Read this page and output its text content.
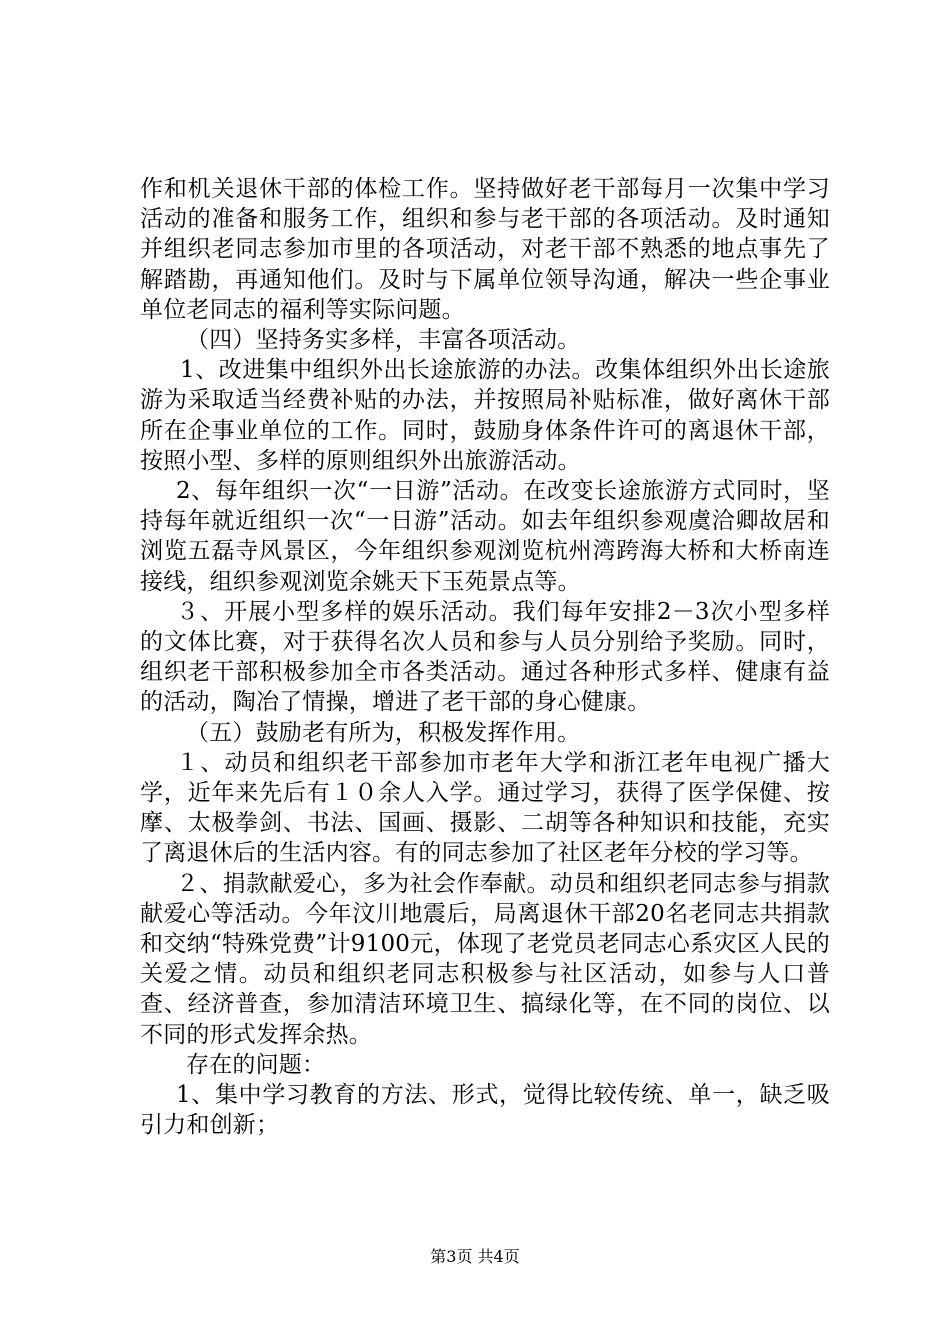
作和机关退休干部的体检工作。坚持做好老干部每月一次集中学习活动的准备和服务工作，组织和参与老干部的各项活动。及时通知并组织老同志参加市里的各项活动，对老干部不熟悉的地点事先了解踏勘，再通知他们。及时与下属单位领导沟通，解决一些企事业单位老同志的福利等实际问题。

（四）坚持务实多样，丰富各项活动。

1、改进集中组织外出长途旅游的办法。改集体组织外出长途旅游为采取适当经费补贴的办法，并按照局补贴标准，做好离休干部所在企事业单位的工作。同时，鼓励身体条件许可的离退休干部，按照小型、多样的原则组织外出旅游活动。

2、每年组织一次“一日游”活动。在改变长途旅游方式同时，坚持每年就近组织一次“一日游”活动。如去年组织参观虞洽卿故居和浏览五磊寺风景区，今年组织参观浏览杭州湾跨海大桥和大桥南连接线，组织参观浏览余姚天下玉苑景点等。

３、开展小型多样的娱乐活动。我们每年安排2－3次小型多样的文体比赛，对于获得名次人员和参与人员分别给予奖励。同时，组织老干部积极参加全市各类活动。通过各种形式多样、健康有益的活动，陶冶了情操，增进了老干部的身心健康。

（五）鼓励老有所为，积极发挥作用。

１、动员和组织老干部参加市老年大学和浙江老年电视广播大学，近年来先后有１０余人入学。通过学习，获得了医学保健、按摩、太极拳剑、书法、国画、摄影、二胡等各种知识和技能，充实了离退休后的生活内容。有的同志参加了社区老年分校的学习等。

２、捐款献爱心，多为社会作奉献。动员和组织老同志参与捐款献爱心等活动。今年汶川地震后，局离退休干部20名老同志共捐款和交纳“特殊党费”计9100元，体现了老党员老同志心系灾区人民的关爱之情。动员和组织老同志积极参与社区活动，如参与人口普查、经济普查，参加清洁环境卫生、搞绿化等，在不同的岗位、以不同的形式发挥余热。

存在的问题：

1、集中学习教育的方法、形式，觉得比较传统、单一，缺乏吸引力和创新；

第3页 共4页
